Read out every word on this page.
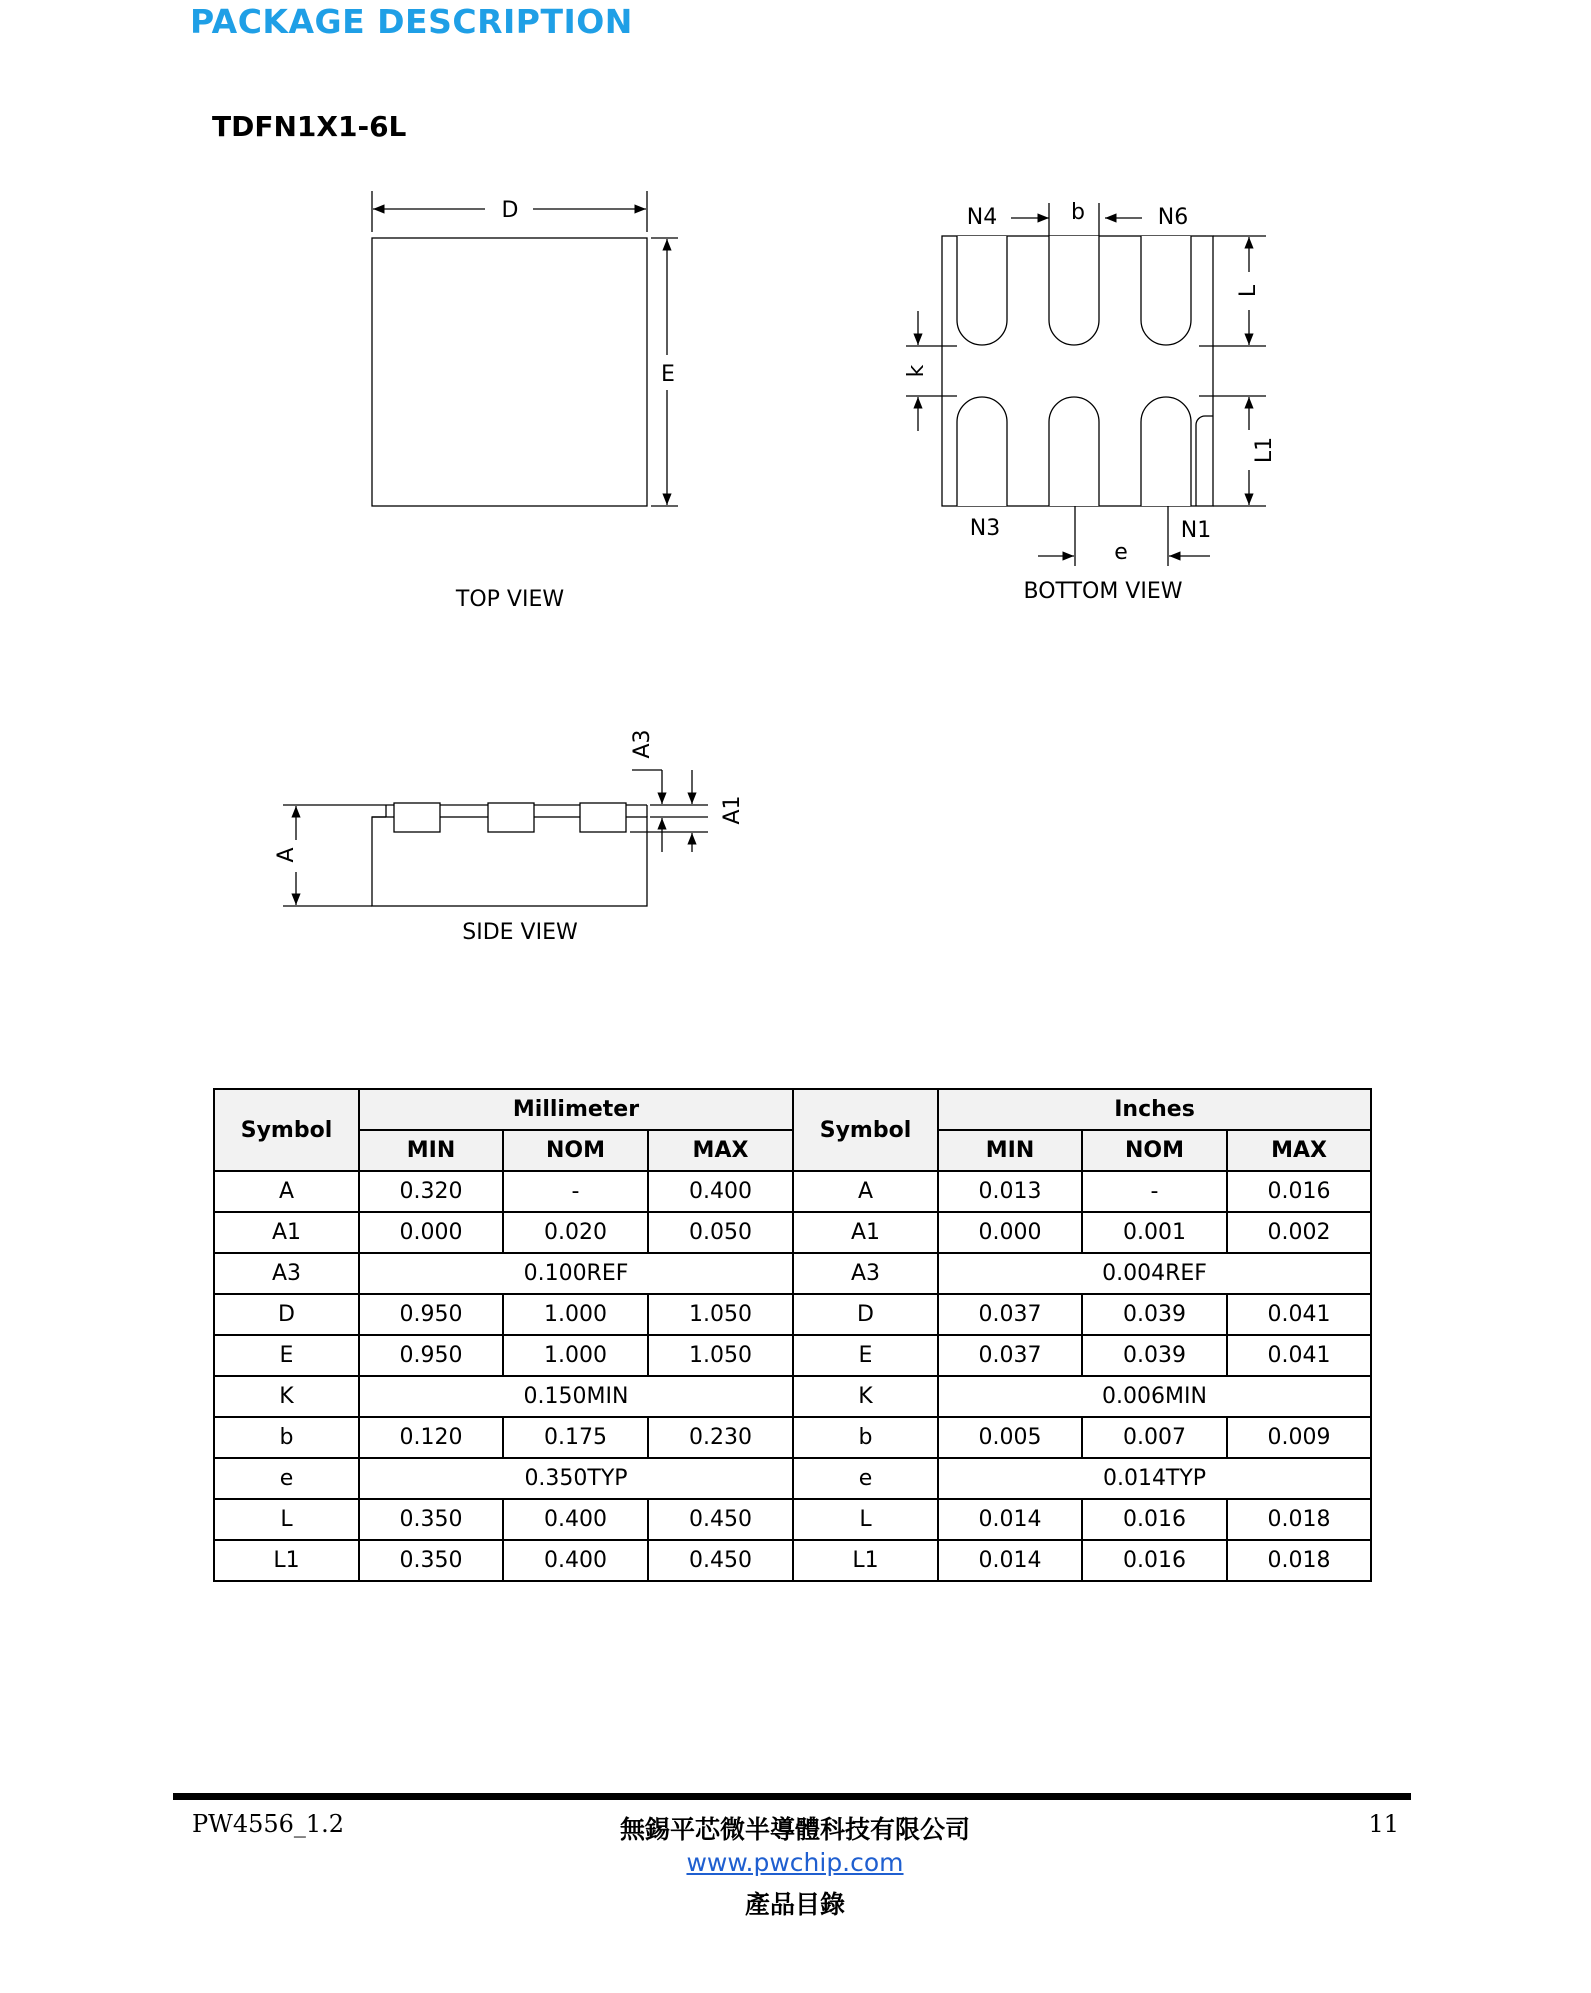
PACKAGE DESCRIPTION
TDFN1X1-6L
D
E
TOP VIEW
N4	b	N6
L
L1
k
N3	N1
e
BOTTOM VIEW
A
A3
A1
SIDE VIEW
Symbol	Millimeter			Symbol	Inches		
	MIN	NOM	MAX		MIN	NOM	MAX
A	0.320	-	0.400	A	0.013	-	0.016
A1	0.000	0.020	0.050	A1	0.000	0.001	0.002
A3	0.100REF			A3	0.004REF		
D	0.950	1.000	1.050	D	0.037	0.039	0.041
E	0.950	1.000	1.050	E	0.037	0.039	0.041
K	0.150MIN			K	0.006MIN		
b	0.120	0.175	0.230	b	0.005	0.007	0.009
e	0.350TYP			e	0.014TYP		
L	0.350	0.400	0.450	L	0.014	0.016	0.018
L1	0.350	0.400	0.450	L1	0.014	0.016	0.018
PW4556_1.2	無錫平芯微半導體科技有限公司
www.pwchip.com
產品目錄
11
